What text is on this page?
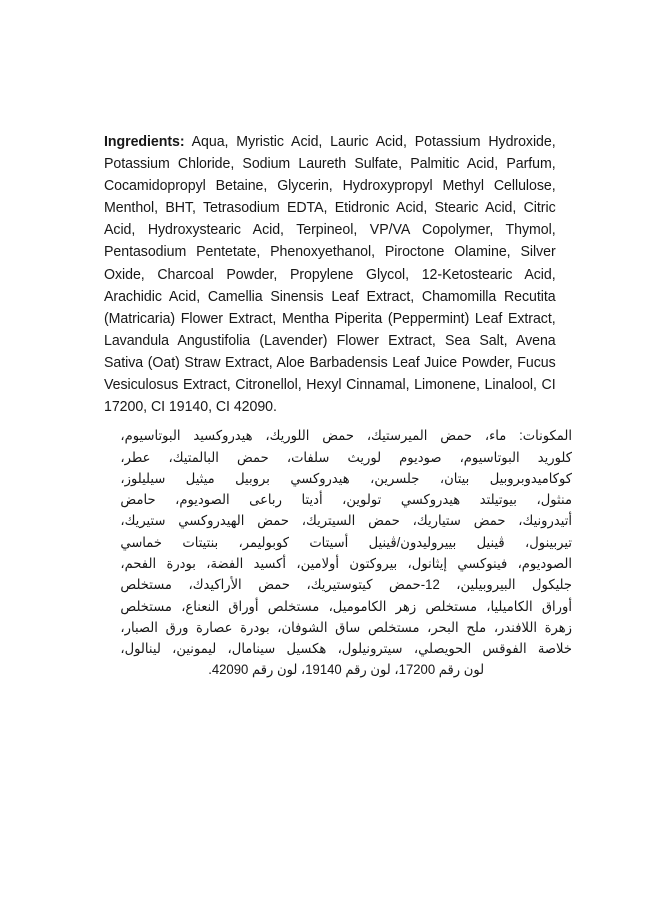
Ingredients: Aqua, Myristic Acid, Lauric Acid, Potassium Hydroxide, Potassium Chloride, Sodium Laureth Sulfate, Palmitic Acid, Parfum, Cocamidopropyl Betaine, Glycerin, Hydroxypropyl Methyl Cellulose, Menthol, BHT, Tetrasodium EDTA, Etidronic Acid, Stearic Acid, Citric Acid, Hydroxystearic Acid, Terpineol, VP/VA Copolymer, Thymol, Pentasodium Pentetate, Phenoxyethanol, Piroctone Olamine, Silver Oxide, Charcoal Powder, Propylene Glycol, 12-Ketostearic Acid, Arachidic Acid, Camellia Sinensis Leaf Extract, Chamomilla Recutita (Matricaria) Flower Extract, Mentha Piperita (Peppermint) Leaf Extract, Lavandula Angustifolia (Lavender) Flower Extract, Sea Salt, Avena Sativa (Oat) Straw Extract, Aloe Barbadensis Leaf Juice Powder, Fucus Vesiculosus Extract, Citronellol, Hexyl Cinnamal, Limonene, Linalool, CI 17200, CI 19140, CI 42090.

المكونات: ماء، حمض الميرستيك، حمض اللوريك، هيدروكسيد البوتاسيوم،
كلوريد البوتاسيوم، صوديوم لوريث سلفات، حمض البالمتيك، عطر،
كوكاميدوبروبيل بيتان، جلسرين، هيدروكسي بروبيل ميثيل سيليلوز،
منثول، بيوتيلتد هيدروكسي تولوين، أديتا رباعى الصوديوم، حامض
أتيدرونيك، حمض ستياريك، حمض السيتريك، حمض الهيدروكسي ستيريك،
تيربينول، ڤينيل بييروليدون/ڤينيل أسيتات كوبوليمر، بنتيتات خماسي
الصوديوم، فينوكسي إيثانول، بيروكتون أولامين، أكسيد الفضة، بودرة الفحم،
جليكول البيروبيلين، 12-حمض كيتوستيريك، حمض الأراكيدك، مستخلص
أوراق الكاميليا، مستخلص زهر الكاموميل، مستخلص أوراق النعناع، مستخلص
زهرة اللافندر، ملح البحر، مستخلص ساق الشوفان، بودرة عصارة ورق الصبار،
خلاصة الفوقس الحويصلي، سيترونيلول، هكسيل سينامال، ليمونين، لينالول،
لون رقم 17200، لون رقم 19140، لون رقم 42090.
